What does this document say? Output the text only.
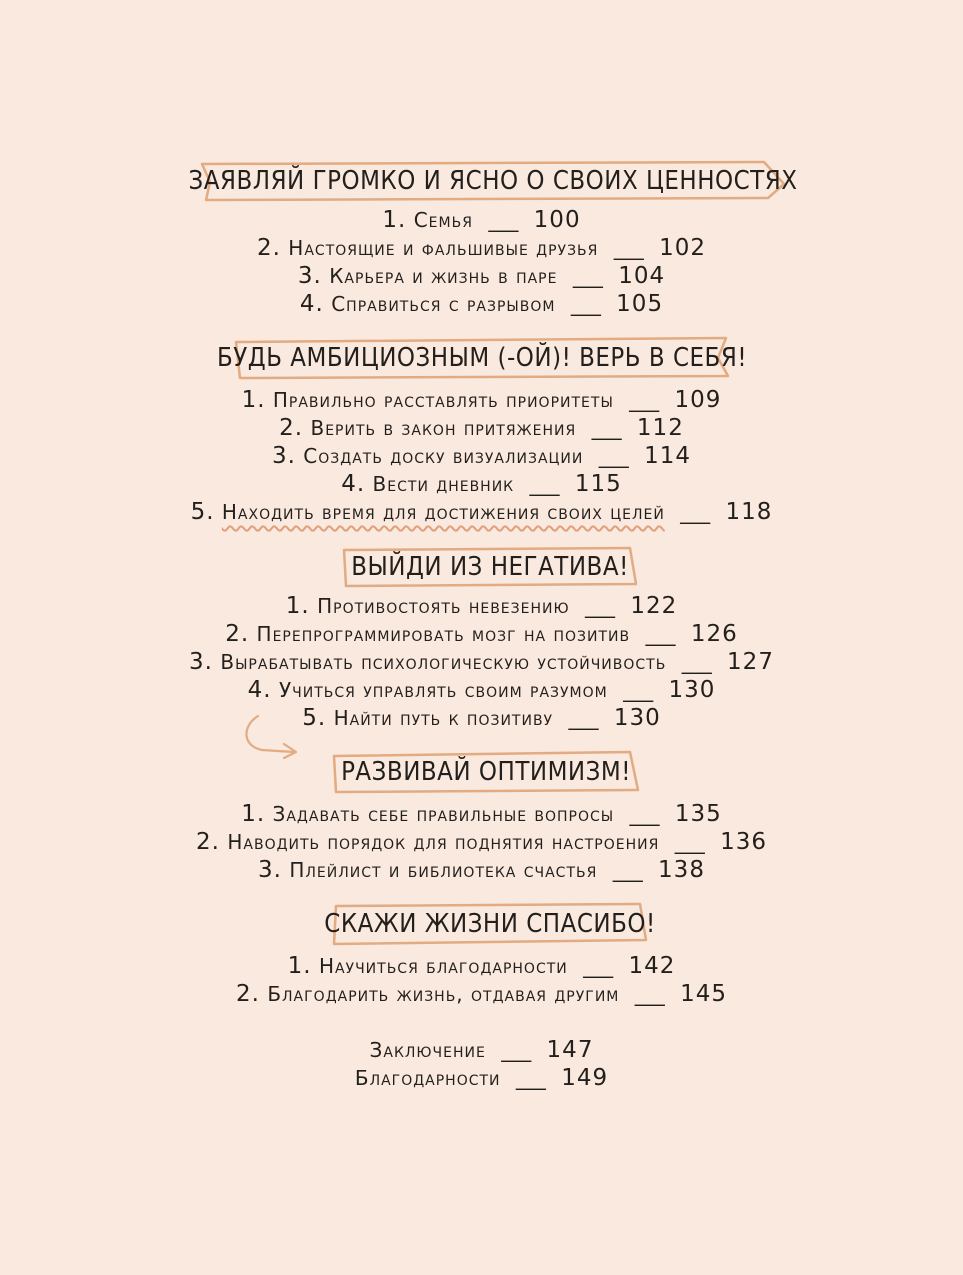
ЗАЯВЛЯЙ ГРОМКО И ЯСНО О СВОИХ ЦЕННОСТЯХ
1. Семья ___ 100
2. Настоящие и фальшивые друзья ___ 102
3. Карьера и жизнь в паре ___ 104
4. Справиться с разрывом ___ 105
БУДЬ АМБИЦИОЗНЫМ (-ОЙ)! ВЕРЬ В СЕБЯ!
1. Правильно расставлять приоритеты ___ 109
2. Верить в закон притяжения ___ 112
3. Создать доску визуализации ___ 114
4. Вести дневник ___ 115
5. Находить время для достижения своих целей ___ 118
ВЫЙДИ ИЗ НЕГАТИВА!
1. Противостоять невезению ___ 122
2. Перепрограммировать мозг на позитив ___ 126
3. Вырабатывать психологическую устойчивость ___ 127
4. Учиться управлять своим разумом ___ 130
5. Найти путь к позитиву ___ 130
РАЗВИВАЙ ОПТИМИЗМ!
1. Задавать себе правильные вопросы ___ 135
2. Наводить порядок для поднятия настроения ___ 136
3. Плейлист и библиотека счастья ___ 138
СКАЖИ ЖИЗНИ СПАСИБО!
1. Научиться благодарности ___ 142
2. Благодарить жизнь, отдавая другим ___ 145
Заключение ___ 147
Благодарности ___ 149
